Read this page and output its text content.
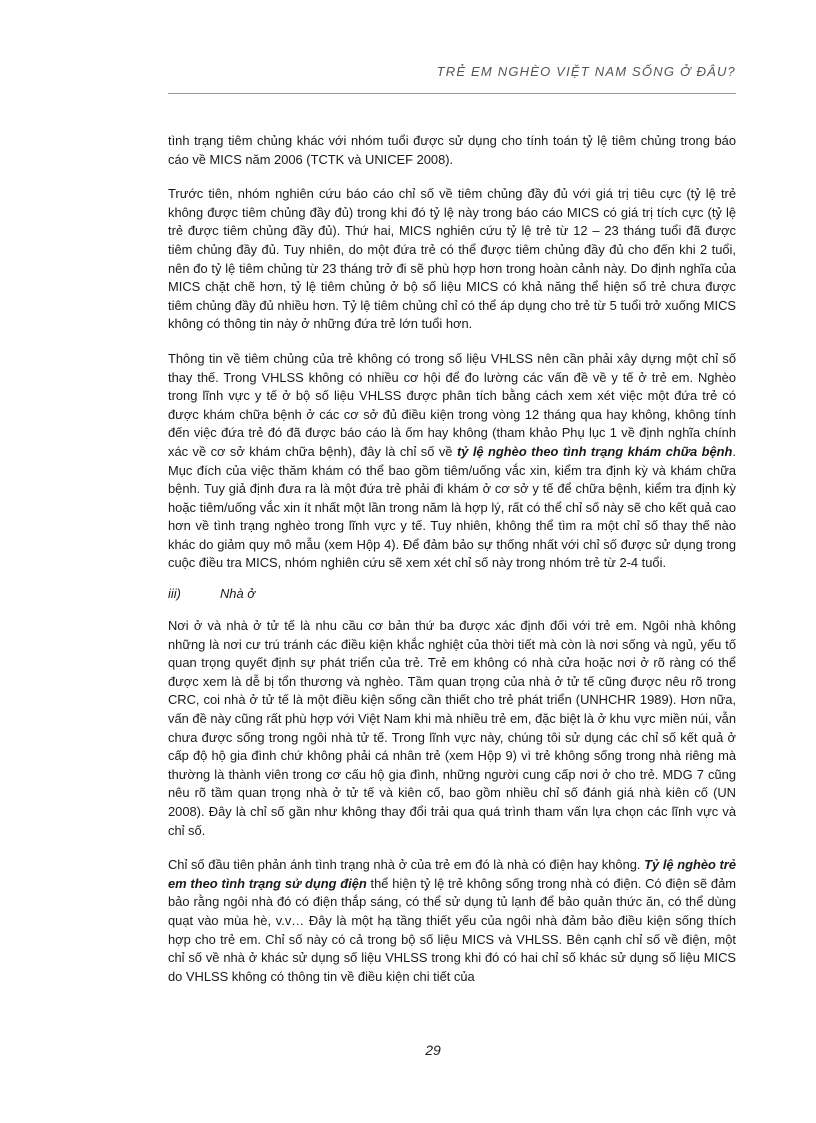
TRẺ EM NGHÈO VIỆT NAM SỐNG Ở ĐÂU?

tình trạng tiêm chủng khác với nhóm tuổi được sử dụng cho tính toán tỷ lệ tiêm chủng trong báo cáo về MICS năm 2006 (TCTK và UNICEF 2008).

Trước tiên, nhóm nghiên cứu báo cáo chỉ số về tiêm chủng đầy đủ với giá trị tiêu cực (tỷ lệ trẻ không được tiêm chủng đầy đủ) trong khi đó tỷ lệ này trong báo cáo MICS có giá trị tích cực (tỷ lệ trẻ được tiêm chủng đầy đủ). Thứ hai, MICS nghiên cứu tỷ lệ trẻ từ 12 – 23 tháng tuổi đã được tiêm chủng đầy đủ. Tuy nhiên, do một đứa trẻ có thể được tiêm chủng đầy đủ cho đến khi 2 tuổi, nên đo tỷ lệ tiêm chủng từ 23 tháng trở đi sẽ phù hợp hơn trong hoàn cảnh này. Do định nghĩa của MICS chặt chẽ hơn, tỷ lệ tiêm chủng ở bộ số liệu MICS có khả năng thể hiện số trẻ chưa được tiêm chủng đầy đủ nhiều hơn. Tỷ lệ tiêm chủng chỉ có thể áp dụng cho trẻ từ 5 tuổi trở xuống MICS không có thông tin này ở những đứa trẻ lớn tuổi hơn.

Thông tin về tiêm chủng của trẻ không có trong số liệu VHLSS nên cần phải xây dựng một chỉ số thay thế. Trong VHLSS không có nhiều cơ hội để đo lường các vấn đề về y tế ở trẻ em. Nghèo trong lĩnh vực y tế ở bộ số liệu VHLSS được phân tích bằng cách xem xét việc một đứa trẻ có được khám chữa bệnh ở các cơ sở đủ điều kiện trong vòng 12 tháng qua hay không, không tính đến việc đứa trẻ đó đã được báo cáo là ốm hay không (tham khảo Phụ lục 1 về định nghĩa chính xác về cơ sở khám chữa bệnh), đây là chỉ số về tỷ lệ nghèo theo tình trạng khám chữa bệnh. Mục đích của việc thăm khám có thể bao gồm tiêm/uống vắc xin, kiểm tra định kỳ và khám chữa bệnh. Tuy giả định đưa ra là một đứa trẻ phải đi khám ở cơ sở y tế để chữa bệnh, kiểm tra định kỳ hoặc tiêm/uống vắc xin ít nhất một lần trong năm là hợp lý, rất có thể chỉ số này sẽ cho kết quả cao hơn về tình trạng nghèo trong lĩnh vực y tế. Tuy nhiên, không thể tìm ra một chỉ số thay thế nào khác do giảm quy mô mẫu (xem Hộp 4). Để đảm bảo sự thống nhất với chỉ số được sử dụng trong cuộc điều tra MICS, nhóm nghiên cứu sẽ xem xét chỉ số này trong nhóm trẻ từ 2-4 tuổi.

iii)	Nhà ở

Nơi ở và nhà ở tử tế là nhu cầu cơ bản thứ ba được xác định đối với trẻ em. Ngôi nhà không những là nơi cư trú tránh các điều kiện khắc nghiệt của thời tiết mà còn là nơi sống và ngủ, yếu tố quan trọng quyết định sự phát triển của trẻ. Trẻ em không có nhà cửa hoặc nơi ở rõ ràng có thể được xem là dễ bị tổn thương và nghèo. Tầm quan trọng của nhà ở tử tế cũng được nêu rõ trong CRC, coi nhà ở tử tế là một điều kiện sống cần thiết cho trẻ phát triển (UNHCHR 1989). Hơn nữa, vấn đề này cũng rất phù hợp với Việt Nam khi mà nhiều trẻ em, đặc biệt là ở khu vực miền núi, vẫn chưa được sống trong ngôi nhà tử tế. Trong lĩnh vực này, chúng tôi sử dụng các chỉ số kết quả ở cấp độ hộ gia đình chứ không phải cá nhân trẻ (xem Hộp 9) vì trẻ không sống trong nhà riêng mà thường là thành viên trong cơ cấu hộ gia đình, những người cung cấp nơi ở cho trẻ. MDG 7 cũng nêu rõ tầm quan trọng nhà ở tử tế và kiên cố, bao gồm nhiều chỉ số đánh giá nhà kiên cố (UN 2008). Đây là chỉ số gần như không thay đổi trải qua quá trình tham vấn lựa chọn các lĩnh vực và chỉ số.

Chỉ số đầu tiên phản ánh tình trạng nhà ở của trẻ em đó là nhà có điện hay không. Tỷ lệ nghèo trẻ em theo tình trạng sử dụng điện thể hiện tỷ lệ trẻ không sống trong nhà có điện. Có điện sẽ đảm bảo rằng ngôi nhà đó có điện thắp sáng, có thể sử dụng tủ lạnh để bảo quản thức ăn, có thể dùng quạt vào mùa hè, v.v… Đây là một hạ tầng thiết yếu của ngôi nhà đảm bảo điều kiện sống thích hợp cho trẻ em. Chỉ số này có cả trong bộ số liệu MICS và VHLSS. Bên cạnh chỉ số về điện, một chỉ số về nhà ở khác sử dụng số liệu VHLSS trong khi đó có hai chỉ số khác sử dụng số liệu MICS do VHLSS không có thông tin về điều kiện chi tiết của

29
